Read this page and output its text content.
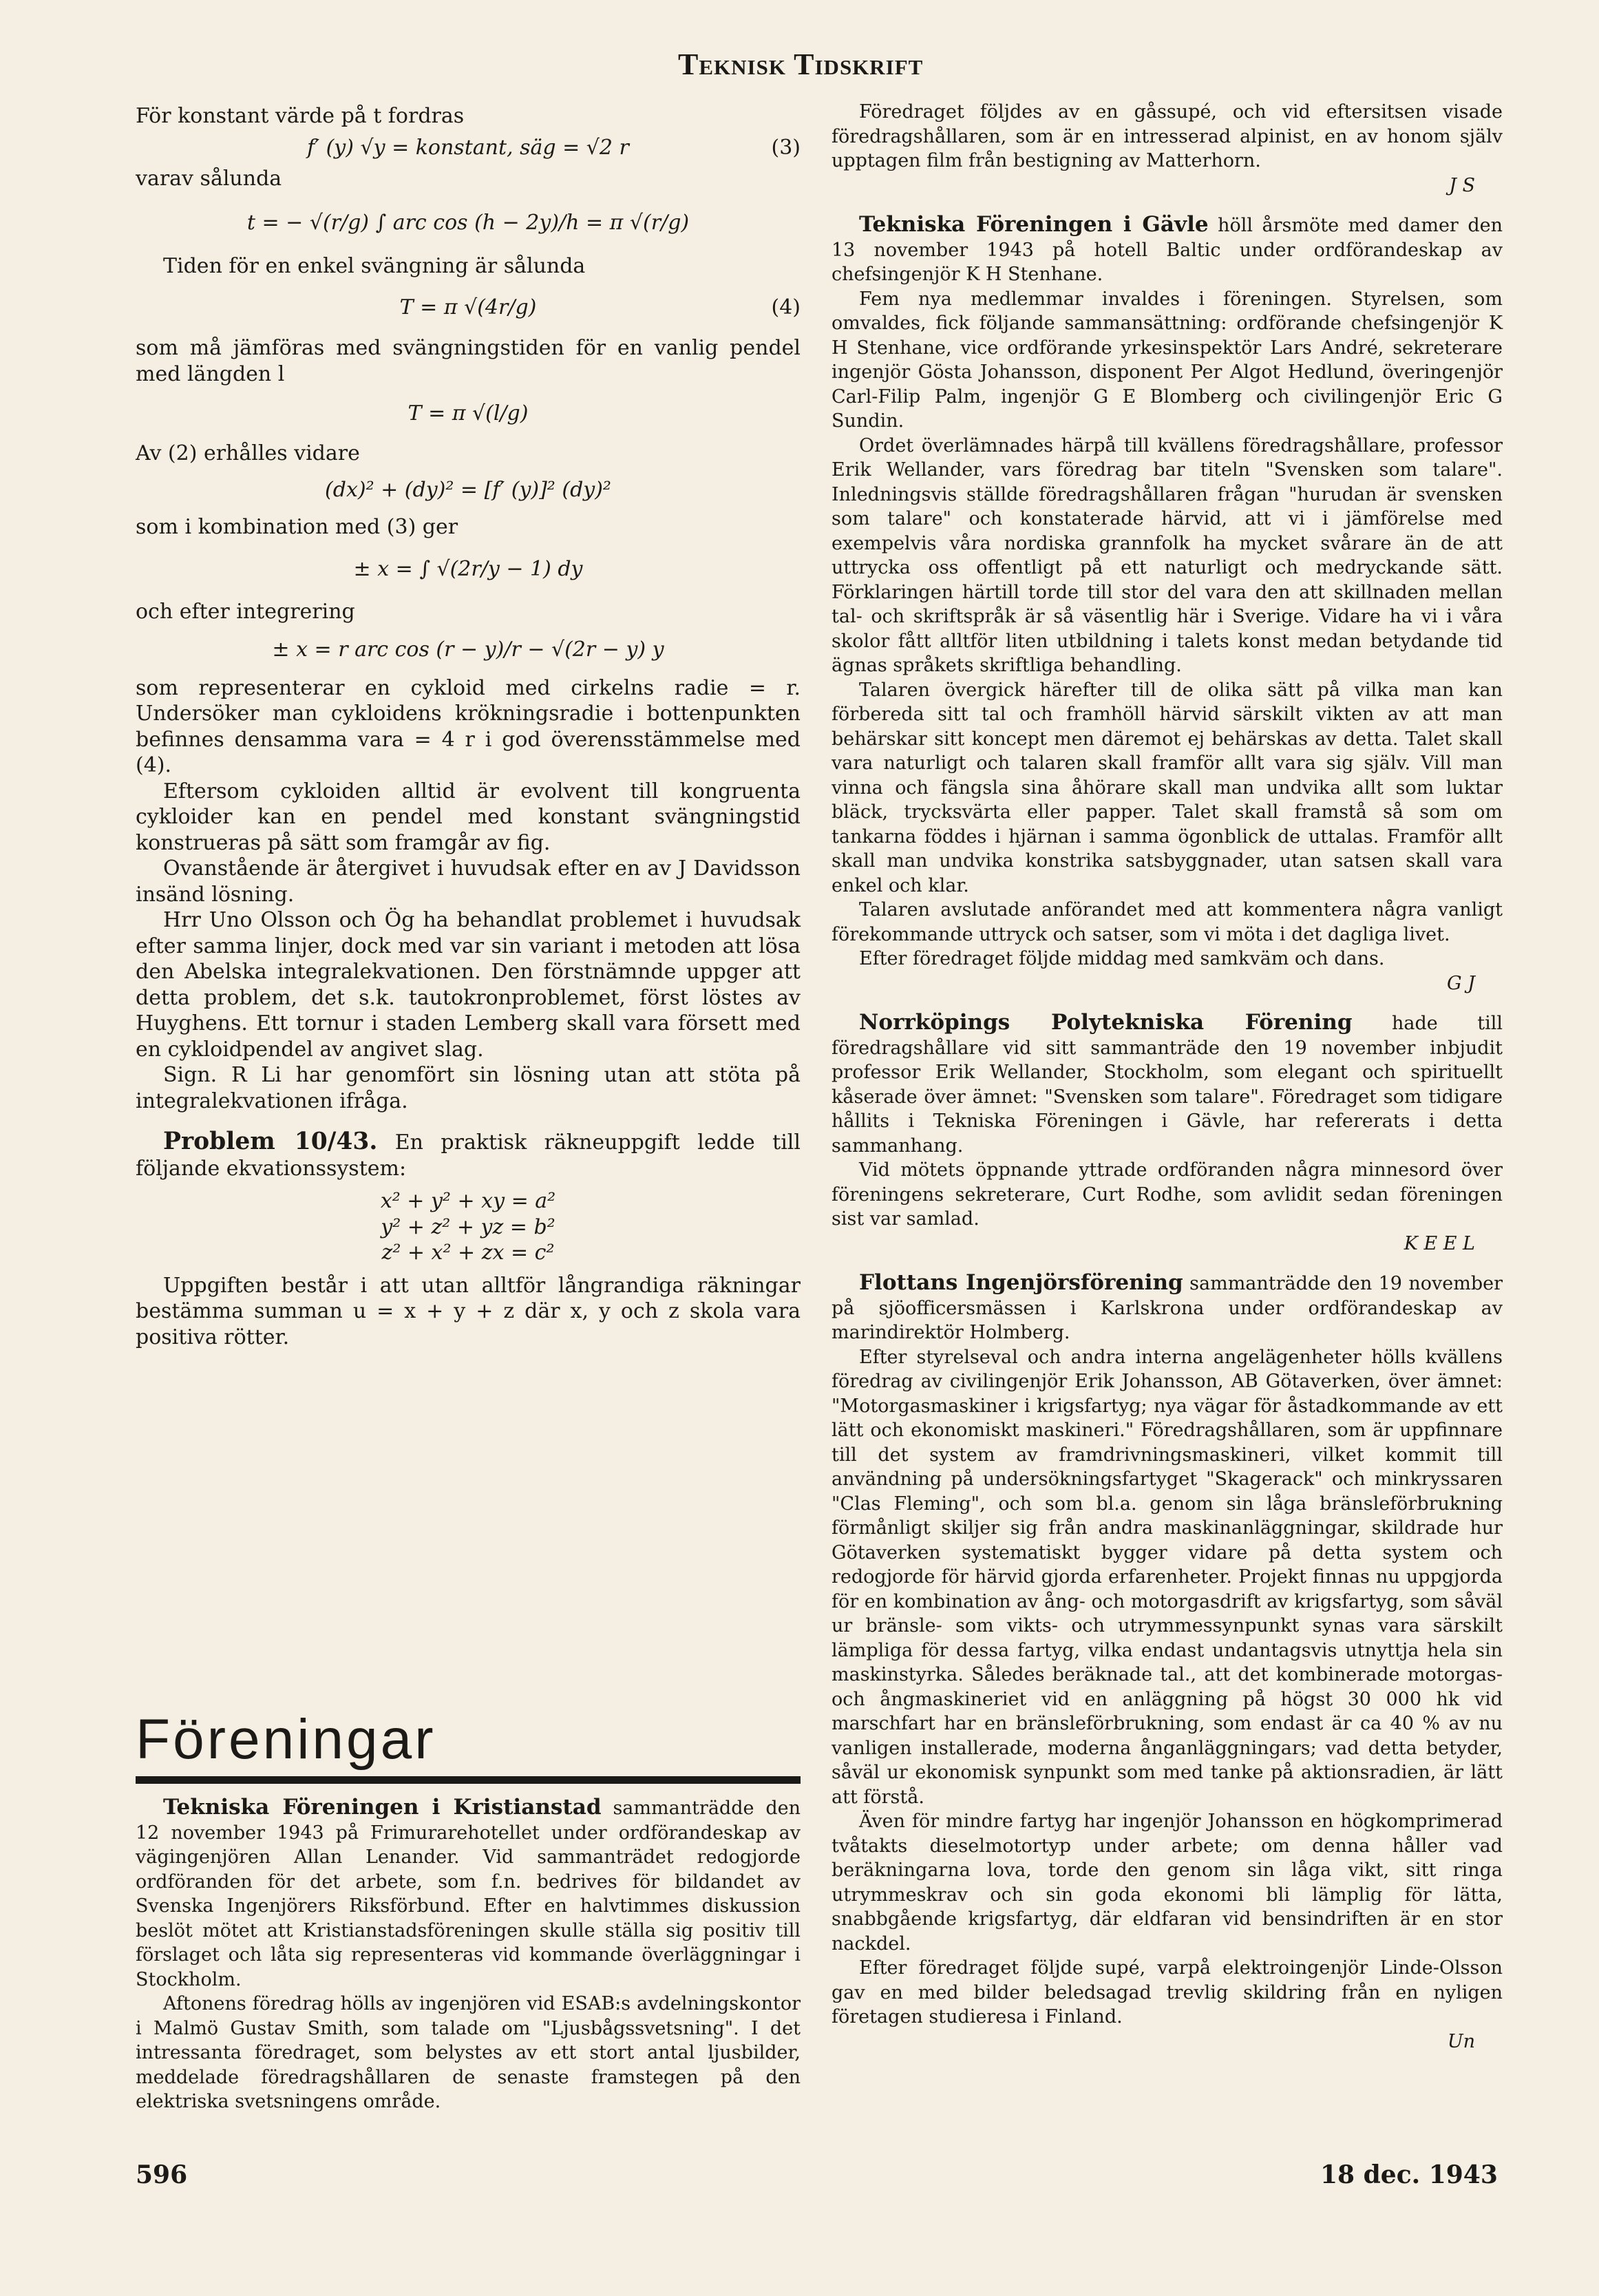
Teknisk Tidskrift

För konstant värde på t fordras

f′ (y) √y = konstant, säg = √2 r	(3)

varav sålunda

t = − √(r/g) ∫ arc cos (h − 2y)/h = π √(r/g)

Tiden för en enkel svängning är sålunda

T = π √(4r/g)	(4)

som må jämföras med svängningstiden för en vanlig pendel med längden l

T = π √(l/g)

Av (2) erhålles vidare

(dx)² + (dy)² = [f′ (y)]² (dy)²

som i kombination med (3) ger

± x = ∫ √(2r/y − 1) dy

och efter integrering

± x = r arc cos (r − y)/r − √(2r − y) y

som representerar en cykloid med cirkelns radie = r. Undersöker man cykloidens krökningsradie i bottenpunkten befinnes densamma vara = 4 r i god överensstämmelse med (4).

Eftersom cykloiden alltid är evolvent till kongruenta cykloider kan en pendel med konstant svängningstid konstrueras på sätt som framgår av fig.

Ovanstående är återgivet i huvudsak efter en av J Davidsson insänd lösning.

Hrr Uno Olsson och Ög ha behandlat problemet i huvudsak efter samma linjer, dock med var sin variant i metoden att lösa den Abelska integralekvationen. Den förstnämnde uppger att detta problem, det s.k. tautokronproblemet, först löstes av Huyghens. Ett tornur i staden Lemberg skall vara försett med en cykloidpendel av angivet slag.

Sign. R Li har genomfört sin lösning utan att stöta på integralekvationen ifråga.

Problem 10/43. En praktisk räkneuppgift ledde till följande ekvationssystem:

x² + y² + xy = a²
y² + z² + yz = b²
z² + x² + zx = c²

Uppgiften består i att utan alltför långrandiga räkningar bestämma summan u = x + y + z där x, y och z skola vara positiva rötter.

Föreningar

Tekniska Föreningen i Kristianstad sammanträdde den 12 november 1943 på Frimurarehotellet under ordförandeskap av vägingenjören Allan Lenander. Vid sammanträdet redogjorde ordföranden för det arbete, som f.n. bedrives för bildandet av Svenska Ingenjörers Riksförbund. Efter en halvtimmes diskussion beslöt mötet att Kristianstadsföreningen skulle ställa sig positiv till förslaget och låta sig representeras vid kommande överläggningar i Stockholm.

Aftonens föredrag hölls av ingenjören vid ESAB:s avdelningskontor i Malmö Gustav Smith, som talade om "Ljusbågssvetsning". I det intressanta föredraget, som belystes av ett stort antal ljusbilder, meddelade föredragshållaren de senaste framstegen på den elektriska svetsningens område.

Föredraget följdes av en gåssupé, och vid eftersitsen visade föredragshållaren, som är en intresserad alpinist, en av honom själv upptagen film från bestigning av Matterhorn.

J S

Tekniska Föreningen i Gävle höll årsmöte med damer den 13 november 1943 på hotell Baltic under ordförandeskap av chefsingenjör K H Stenhane.

Fem nya medlemmar invaldes i föreningen. Styrelsen, som omvaldes, fick följande sammansättning: ordförande chefsingenjör K H Stenhane, vice ordförande yrkesinspektör Lars André, sekreterare ingenjör Gösta Johansson, disponent Per Algot Hedlund, överingenjör Carl-Filip Palm, ingenjör G E Blomberg och civilingenjör Eric G Sundin.

Ordet överlämnades härpå till kvällens föredragshållare, professor Erik Wellander, vars föredrag bar titeln "Svensken som talare". Inledningsvis ställde föredragshållaren frågan "hurudan är svensken som talare" och konstaterade härvid, att vi i jämförelse med exempelvis våra nordiska grannfolk ha mycket svårare än de att uttrycka oss offentligt på ett naturligt och medryckande sätt. Förklaringen härtill torde till stor del vara den att skillnaden mellan tal- och skriftspråk är så väsentlig här i Sverige. Vidare ha vi i våra skolor fått alltför liten utbildning i talets konst medan betydande tid ägnas språkets skriftliga behandling.

Talaren övergick härefter till de olika sätt på vilka man kan förbereda sitt tal och framhöll härvid särskilt vikten av att man behärskar sitt koncept men däremot ej behärskas av detta. Talet skall vara naturligt och talaren skall framför allt vara sig själv. Vill man vinna och fängsla sina åhörare skall man undvika allt som luktar bläck, trycksvärta eller papper. Talet skall framstå så som om tankarna föddes i hjärnan i samma ögonblick de uttalas. Framför allt skall man undvika konstrika satsbyggnader, utan satsen skall vara enkel och klar.

Talaren avslutade anförandet med att kommentera några vanligt förekommande uttryck och satser, som vi möta i det dagliga livet.

Efter föredraget följde middag med samkväm och dans.

G J

Norrköpings Polytekniska Förening hade till föredragshållare vid sitt sammanträde den 19 november inbjudit professor Erik Wellander, Stockholm, som elegant och spirituellt kåserade över ämnet: "Svensken som talare". Föredraget som tidigare hållits i Tekniska Föreningen i Gävle, har refererats i detta sammanhang.

Vid mötets öppnande yttrade ordföranden några minnesord över föreningens sekreterare, Curt Rodhe, som avlidit sedan föreningen sist var samlad.

K E E L

Flottans Ingenjörsförening sammanträdde den 19 november på sjöofficersmässen i Karlskrona under ordförandeskap av marindirektör Holmberg.

Efter styrelseval och andra interna angelägenheter hölls kvällens föredrag av civilingenjör Erik Johansson, AB Götaverken, över ämnet: "Motorgasmaskiner i krigsfartyg; nya vägar för åstadkommande av ett lätt och ekonomiskt maskineri." Föredragshållaren, som är uppfinnare till det system av framdrivningsmaskineri, vilket kommit till användning på undersökningsfartyget "Skagerack" och minkryssaren "Clas Fleming", och som bl.a. genom sin låga bränsleförbrukning förmånligt skiljer sig från andra maskinanläggningar, skildrade hur Götaverken systematiskt bygger vidare på detta system och redogjorde för härvid gjorda erfarenheter. Projekt finnas nu uppgjorda för en kombination av ång- och motorgasdrift av krigsfartyg, som såväl ur bränsle- som vikts- och utrymmessynpunkt synas vara särskilt lämpliga för dessa fartyg, vilka endast undantagsvis utnyttja hela sin maskinstyrka. Således beräknade tal., att det kombinerade motorgas- och ångmaskineriet vid en anläggning på högst 30 000 hk vid marschfart har en bränsleförbrukning, som endast är ca 40 % av nu vanligen installerade, moderna ånganläggningars; vad detta betyder, såväl ur ekonomisk synpunkt som med tanke på aktionsradien, är lätt att förstå.

Även för mindre fartyg har ingenjör Johansson en högkomprimerad tvåtakts dieselmotortyp under arbete; om denna håller vad beräkningarna lova, torde den genom sin låga vikt, sitt ringa utrymmeskrav och sin goda ekonomi bli lämplig för lätta, snabbgående krigsfartyg, där eldfaran vid bensindriften är en stor nackdel.

Efter föredraget följde supé, varpå elektroingenjör Linde-Olsson gav en med bilder beledsagad trevlig skildring från en nyligen företagen studieresa i Finland.

Un

596	18 dec. 1943
